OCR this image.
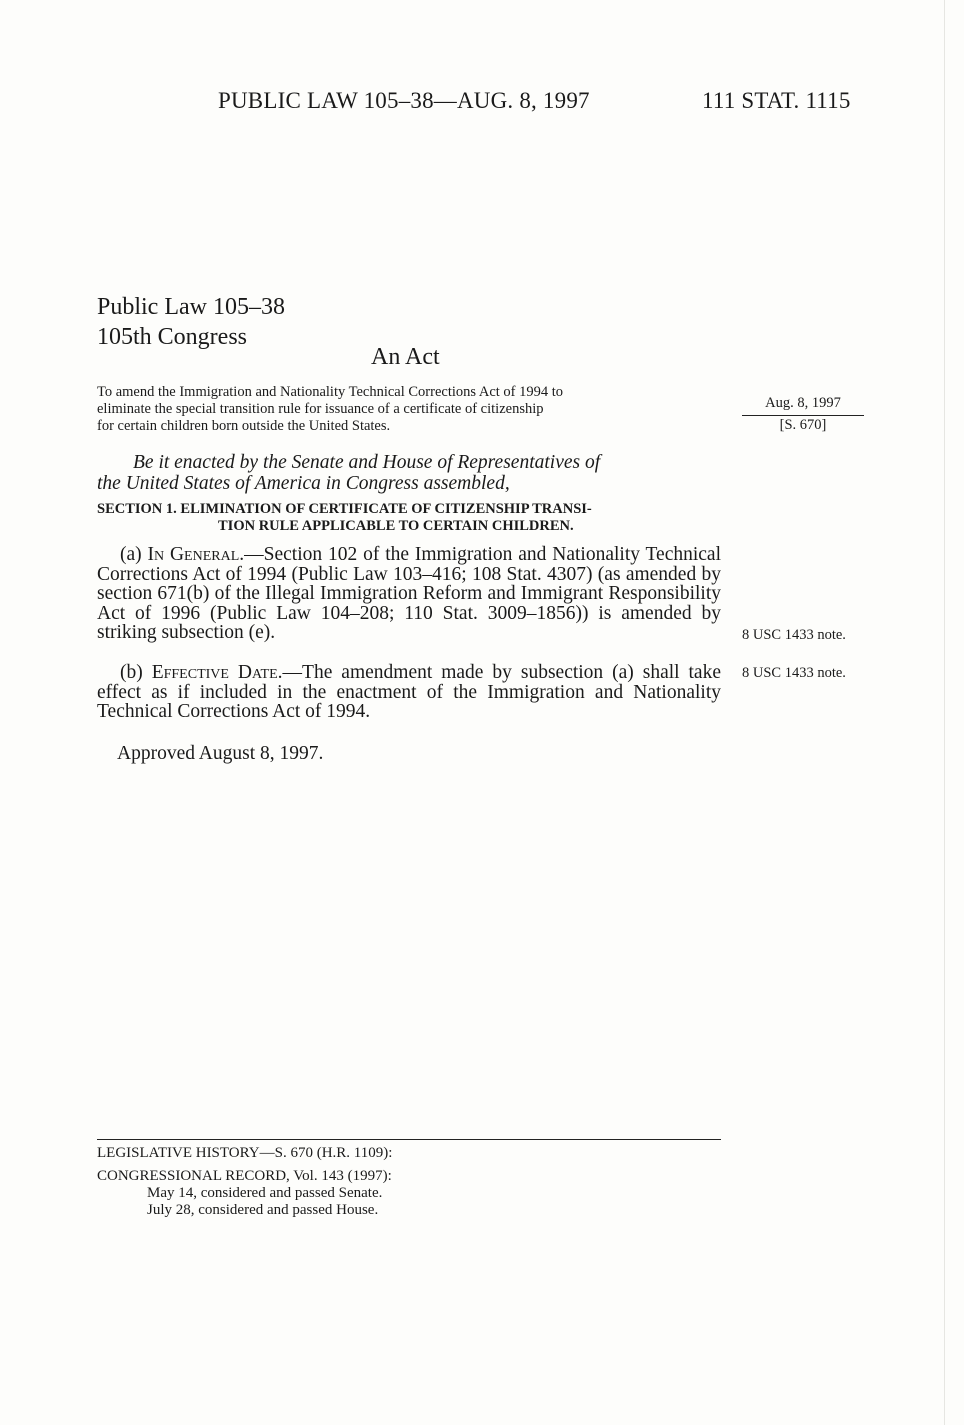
PUBLIC LAW 105–38—AUG. 8, 1997	111 STAT. 1115
Public Law 105–38
105th Congress
An Act
To amend the Immigration and Nationality Technical Corrections Act of 1994 to
eliminate the special transition rule for issuance of a certificate of citizenship
for certain children born outside the United States.
Aug. 8, 1997
[S. 670]
Be it enacted by the Senate and House of Representatives of
the United States of America in Congress assembled,
SECTION 1. ELIMINATION OF CERTIFICATE OF CITIZENSHIP TRANSI-
TION RULE APPLICABLE TO CERTAIN CHILDREN.
(a) In General.—Section 102 of the Immigration and Nationality Technical Corrections Act of 1994 (Public Law 103–416; 108 Stat. 4307) (as amended by section 671(b) of the Illegal Immigration Reform and Immigrant Responsibility Act of 1996 (Public Law 104–208; 110 Stat. 3009–1856)) is amended by striking subsection (e).	8 USC 1433 note.
(b) Effective Date.—The amendment made by subsection (a) shall take effect as if included in the enactment of the Immigration and Nationality Technical Corrections Act of 1994.
8 USC 1433 note.
Approved August 8, 1997.
LEGISLATIVE HISTORY—S. 670 (H.R. 1109):
CONGRESSIONAL RECORD, Vol. 143 (1997):
May 14, considered and passed Senate.
July 28, considered and passed House.
